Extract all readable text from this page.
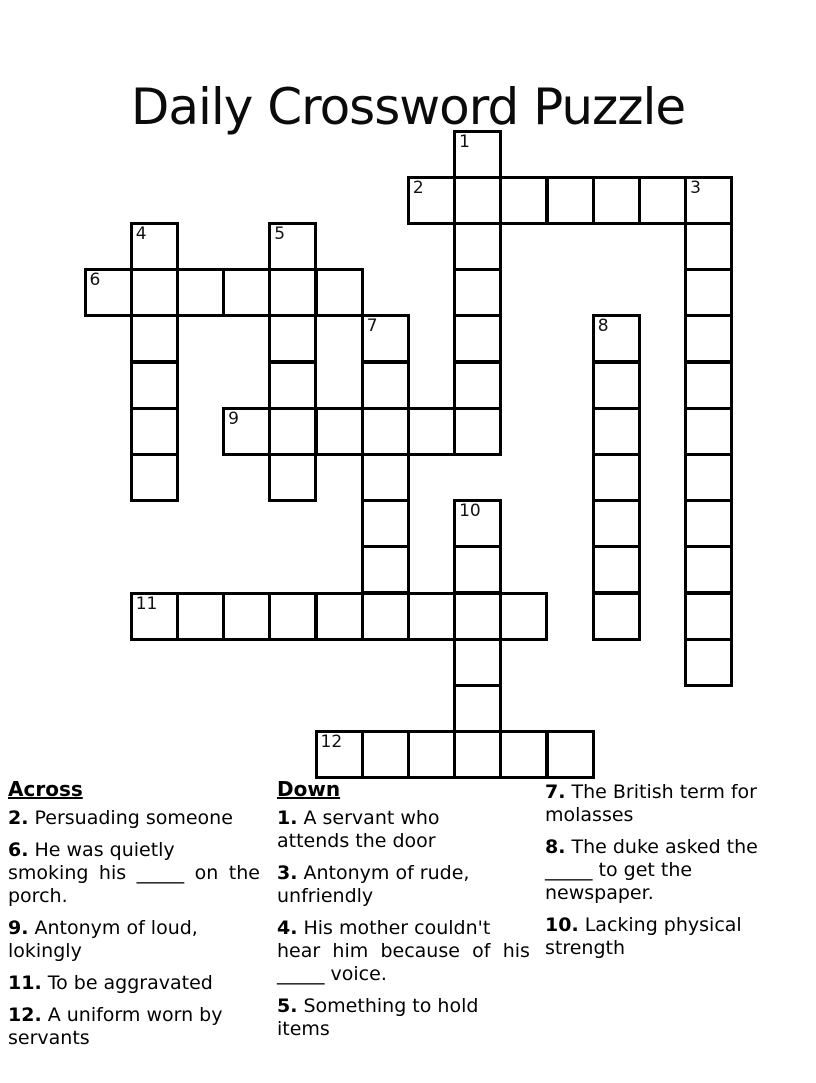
Daily Crossword Puzzle
1
2	3
4	5
6
7	8
9
10
11
12
Across
2. Persuading someone
6. He was quietly
smoking his _____ on the
porch.
9. Antonym of loud,
lokingly
11. To be aggravated
12. A uniform worn by
servants
Down
1. A servant who
attends the door
3. Antonym of rude,
unfriendly
4. His mother couldn't
hear him because of his
_____ voice.
5. Something to hold
items
7. The British term for
molasses
8. The duke asked the
_____ to get the
newspaper.
10. Lacking physical
strength
